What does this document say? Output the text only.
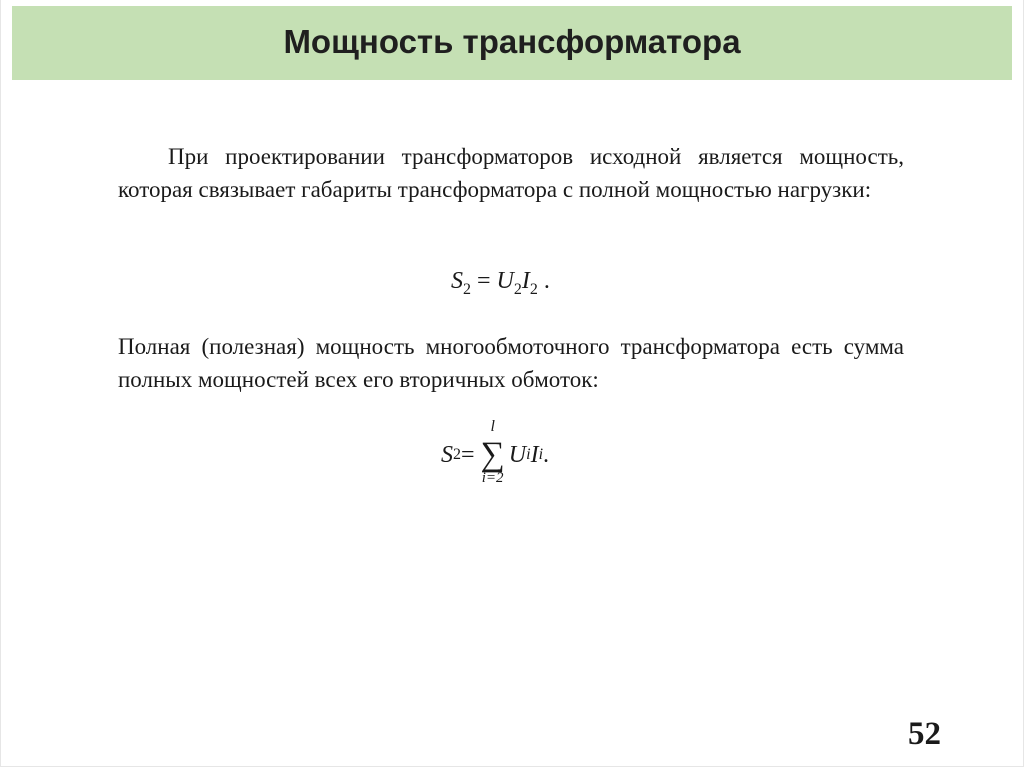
Мощность трансформатора
При проектировании трансформаторов исходной является мощность, которая связывает габариты трансформатора с полной мощностью нагрузки:
$S_2 = U_2I_2$ .
Полная (полезная) мощность многообмоточного трансформатора есть сумма полных мощностей всех его вторичных обмоток:
S 2 =
l
∑
i=2
U i I i .
52
